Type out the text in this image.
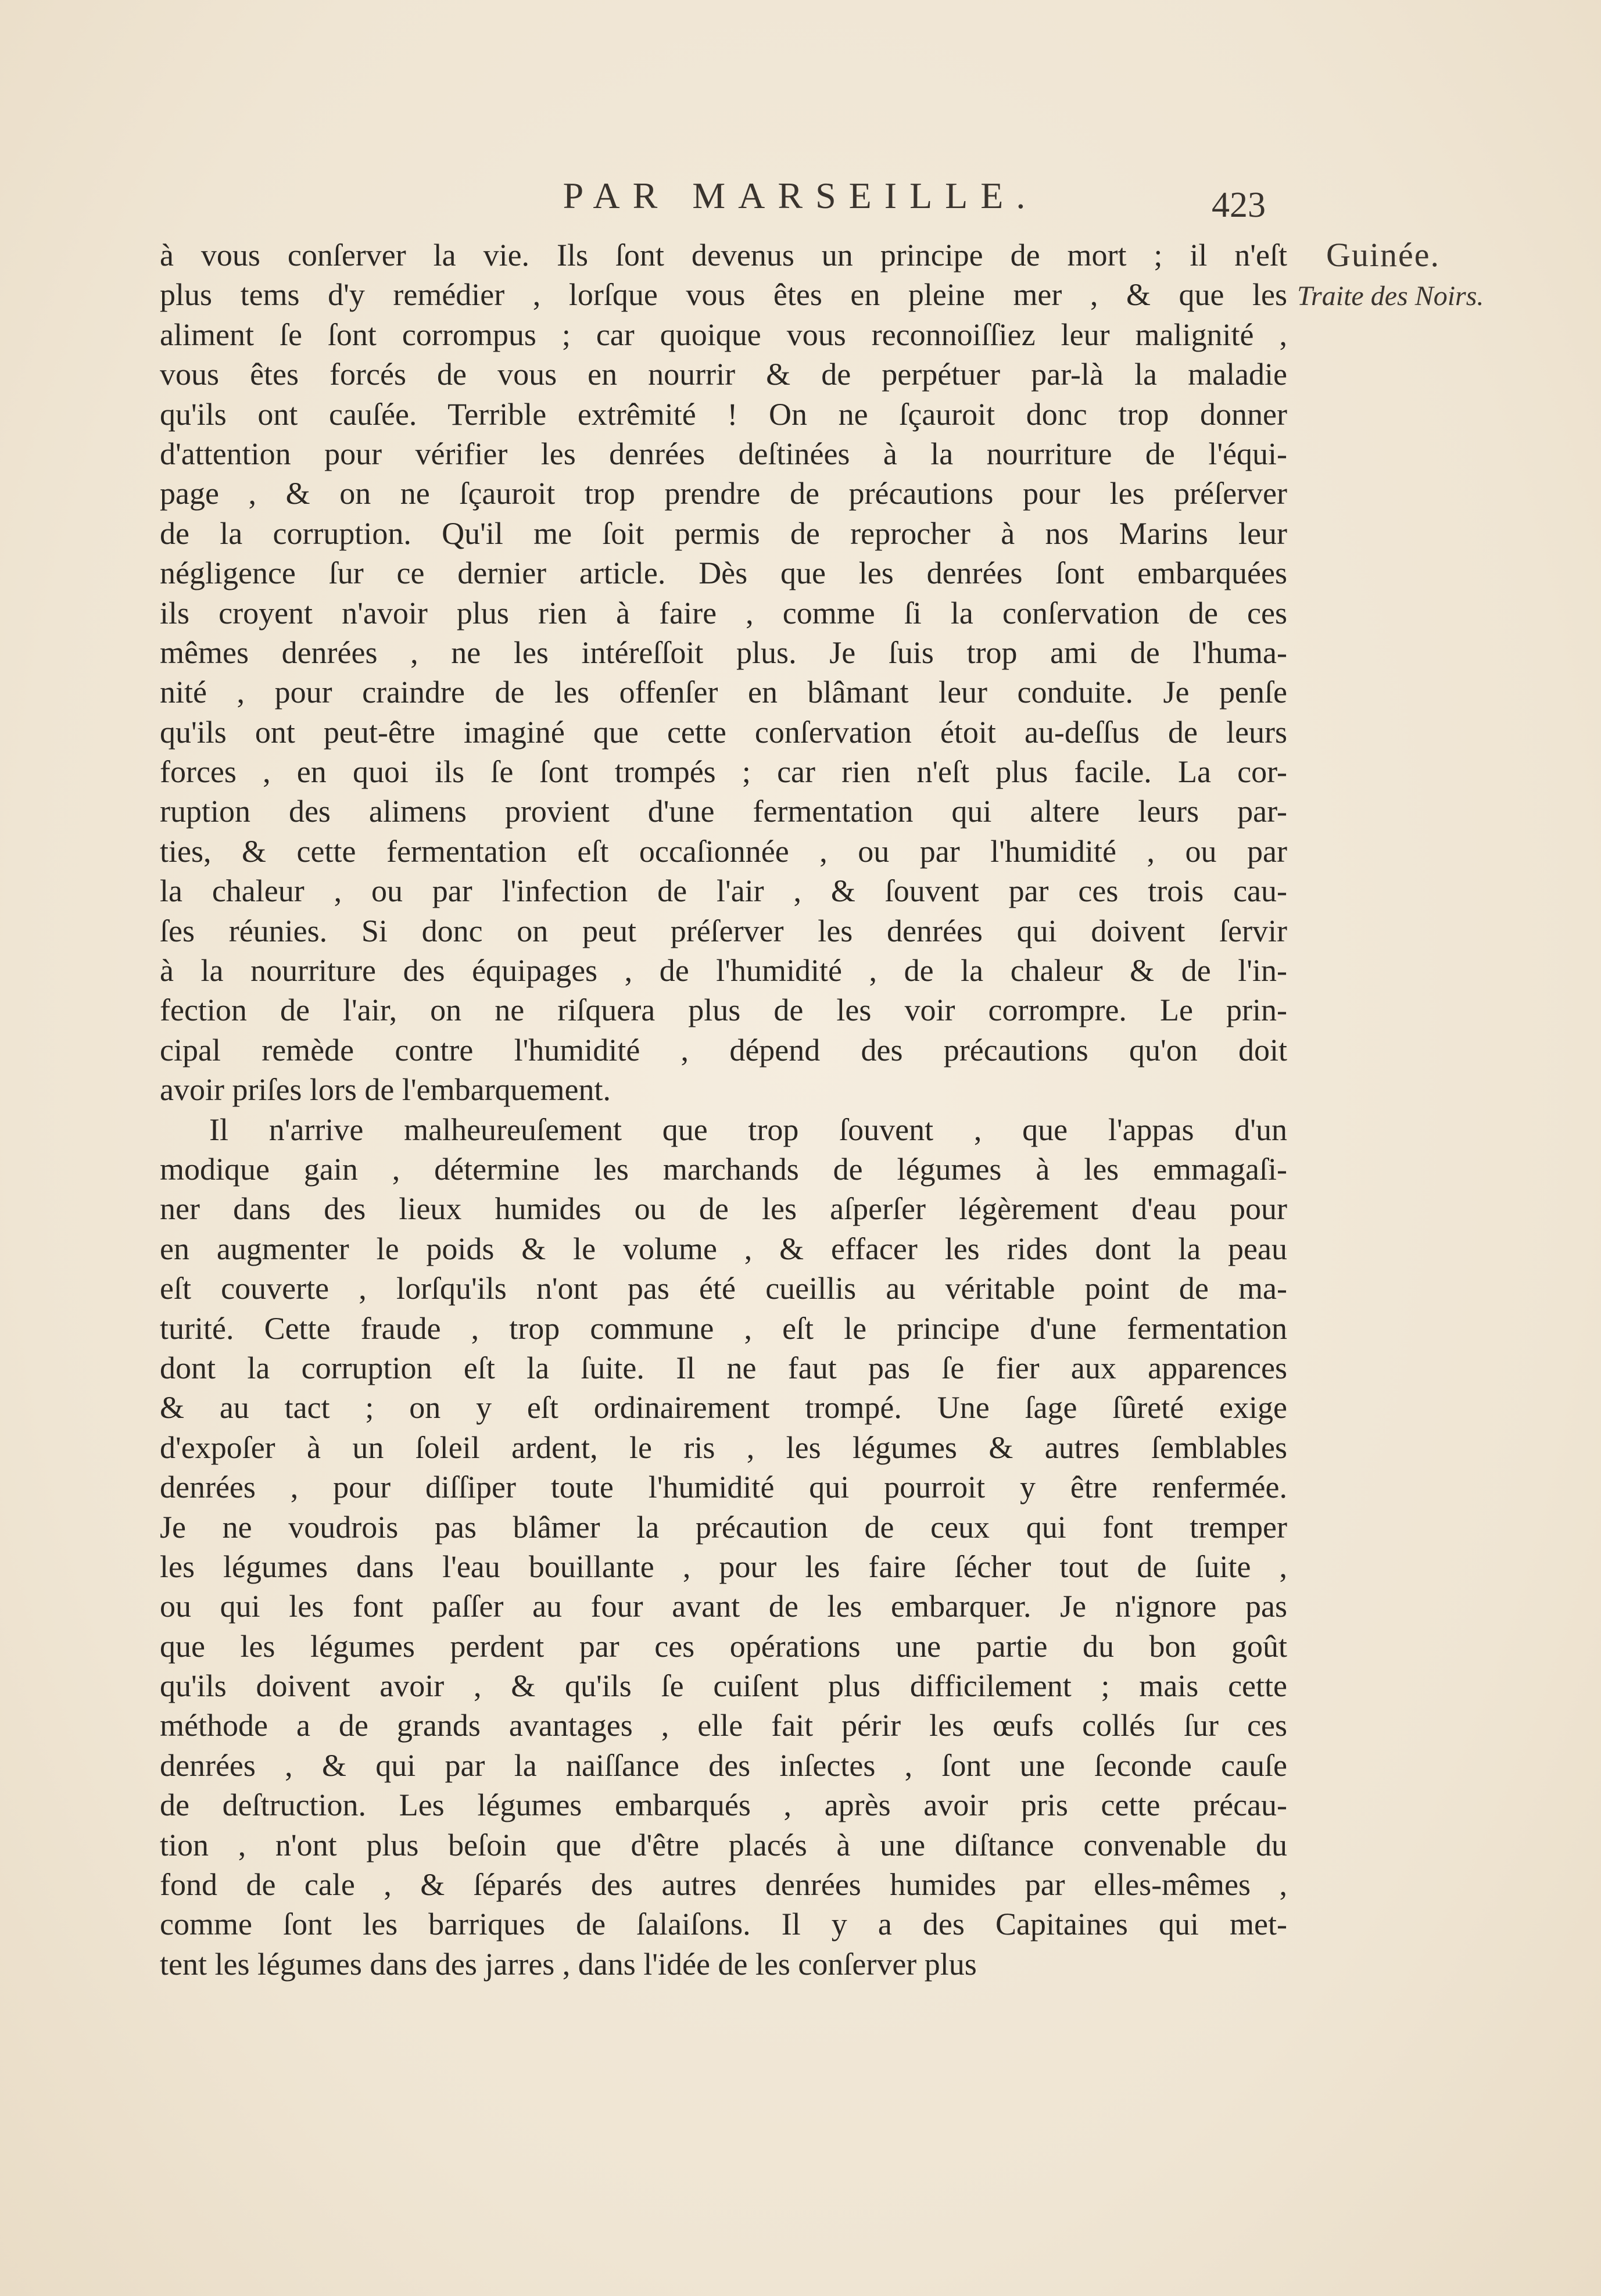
PAR MARSEILLE.	423
Guinée.
Traite des Noirs.
à vous conſerver la vie. Ils ſont devenus un principe de mort ; il n'eſt
plus tems d'y remédier , lorſque vous êtes en pleine mer , & que les
aliment ſe ſont corrompus ; car quoique vous reconnoiſſiez leur malignité ,
vous êtes forcés de vous en nourrir & de perpétuer par-là la maladie
qu'ils ont cauſée. Terrible extrêmité ! On ne ſçauroit donc trop donner
d'attention pour vérifier les denrées deſtinées à la nourriture de l'équi-
page , & on ne ſçauroit trop prendre de précautions pour les préſerver
de la corruption. Qu'il me ſoit permis de reprocher à nos Marins leur
négligence ſur ce dernier article. Dès que les denrées ſont embarquées
ils croyent n'avoir plus rien à faire , comme ſi la conſervation de ces
mêmes denrées , ne les intéreſſoit plus. Je ſuis trop ami de l'huma-
nité , pour craindre de les offenſer en blâmant leur conduite. Je penſe
qu'ils ont peut-être imaginé que cette conſervation étoit au-deſſus de leurs
forces , en quoi ils ſe ſont trompés ; car rien n'eſt plus facile. La cor-
ruption des alimens provient d'une fermentation qui altere leurs par-
ties, & cette fermentation eſt occaſionnée , ou par l'humidité , ou par
la chaleur , ou par l'infection de l'air , & ſouvent par ces trois cau-
ſes réunies. Si donc on peut préſerver les denrées qui doivent ſervir
à la nourriture des équipages , de l'humidité , de la chaleur & de l'in-
fection de l'air, on ne riſquera plus de les voir corrompre. Le prin-
cipal remède contre l'humidité , dépend des précautions qu'on doit
avoir priſes lors de l'embarquement.
Il n'arrive malheureuſement que trop ſouvent , que l'appas d'un
modique gain , détermine les marchands de légumes à les emmagaſi-
ner dans des lieux humides ou de les aſperſer légèrement d'eau pour
en augmenter le poids & le volume , & effacer les rides dont la peau
eſt couverte , lorſqu'ils n'ont pas été cueillis au véritable point de ma-
turité. Cette fraude , trop commune , eſt le principe d'une fermentation
dont la corruption eſt la ſuite. Il ne faut pas ſe fier aux apparences
& au tact ; on y eſt ordinairement trompé. Une ſage ſûreté exige
d'expoſer à un ſoleil ardent, le ris , les légumes & autres ſemblables
denrées , pour diſſiper toute l'humidité qui pourroit y être renfermée.
Je ne voudrois pas blâmer la précaution de ceux qui font tremper
les légumes dans l'eau bouillante , pour les faire ſécher tout de ſuite ,
ou qui les font paſſer au four avant de les embarquer. Je n'ignore pas
que les légumes perdent par ces opérations une partie du bon goût
qu'ils doivent avoir , & qu'ils ſe cuiſent plus difficilement ; mais cette
méthode a de grands avantages , elle fait périr les œufs collés ſur ces
denrées , & qui par la naiſſance des inſectes , ſont une ſeconde cauſe
de deſtruction. Les légumes embarqués , après avoir pris cette précau-
tion , n'ont plus beſoin que d'être placés à une diſtance convenable du
fond de cale , & ſéparés des autres denrées humides par elles-mêmes ,
comme ſont les barriques de ſalaiſons. Il y a des Capitaines qui met-
tent les légumes dans des jarres , dans l'idée de les conſerver plus
